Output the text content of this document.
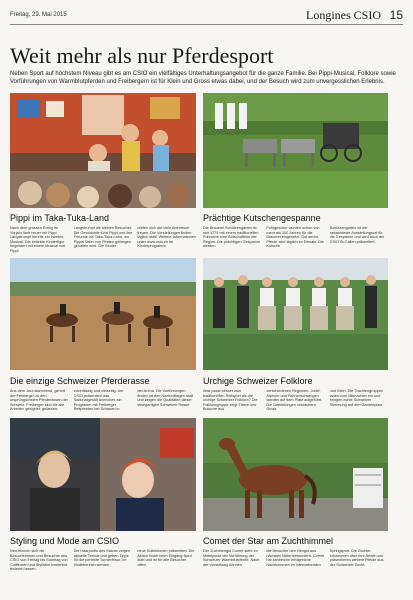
Freitag, 29. Mai 2015	Longines CSIO 15
Weit mehr als nur Pferdesport
Neben Sport auf höchstem Niveau gibt es am CSIO ein vielfältiges Unterhaltungsangebot für die ganze Familie. Bei Pippi-Musical, Folklore sowie Vorführungen von Warmblutpferden und Freibergern ist für Klein und Gross etwas dabei, und der Besuch wird zum unvergesslichen Erlebnis.
Pippi im Taka-Tuka-Land	Prächtige Kutschengespanne
Nach dem grossen Erfolg im Vorjahr läuft heuer mit Pippi Langstrumpf bereits ein zweites Musical. Die beliebte Kinderfigur begeistert mit einem Musical von Pippi
Langstrumpf die kleinen Besucher. Die Geschichte führt Pippi und ihre Freunde ins Taka-Tuka-Land, wo Pippis Vater von Piraten gefangen gehalten wird. Die Kinder
dürfen sich auf viele Abenteuer freuen. Die Vorstellungen finden täglich statt. Weitere Informationen unter www.csio.ch im Kinderprogramm.
Die Brauerei Schützengarten ist seit 1779 mit einem traditionellen Fuhrwerk eine Botschafterin der Region. Die prächtigen Gespanne werden
Fuhrgeschirr wurden schon von mehr als 100 Jahren für die Brauerei eingesetzt. Gut sechs Pferde sind täglich im Einsatz. Die Kutsche
Schützengarten ist der bekannteste Ausstellungsort für die Gespanne und wird auch am CSIO St.Gallen präsentiert.
Die einzige Schweizer Pferderasse	Urchige Schweizer Folklore
Aus dem Jura stammend, gehört der Freiberger zu den ursprünglichsten Pferderassen der Schweiz. Freiberger sind für alle Arbeiten geeignet, gelassen,
zuverlässig und vielseitig. Am CSIO präsentiert das Nationalgestüt Avenches ein Programm mit Freiberger Reitpferden bei Schauen in
der Arena. Die Vorführungen finden an den Nachmittagen statt und zeigen die Qualitäten dieser einzigartigen Schweizer Rasse.
Was passt besser zum traditionellen Reitsport als die urchige Schweizer Folklore? Die Folkloregruppe zeigt Tänze und Bräuche aus
verschiedenen Regionen. Jodel, Alphorn und Fahnenschwingen werden auf dem Platz aufgeführt. Die Darbietungen verzaubern Gross
und Klein. Die Trachtengruppen laden zum Mitmachen ein und bringen echte Schweizer Stimmung auf den Gardenplatz.
Styling und Mode am CSIO	Comet der Star am Zuchthimmel
Neu können sich die Besucherinnen und Besucher des CSIO von Freitag bis Sonntag von Coiffeuren und Stylisten kostenlos frisieren lassen.
Die Haarprofis des Salons zeigen aktuelle Trends und geben Tipps für die perfekte Turnierfrisur. Im Modebereich werden
neue Kollektionen präsentiert. Die Aktion findet beim Eingang Nord statt und ist für alle Besucher offen.
Der Zuchthengst Comet steht im Mittelpunkt der Vorführung der Schweizer Warmblutpferde. Nach der Vorstellung können
die Besucher den Hengst aus nächster Nähe bewundern. Comet hat zahlreiche erfolgreiche Nachkommen im internationalen
Springsport. Die Züchter informieren über ihre Arbeit und präsentieren weitere Pferde aus der Schweizer Zucht.
